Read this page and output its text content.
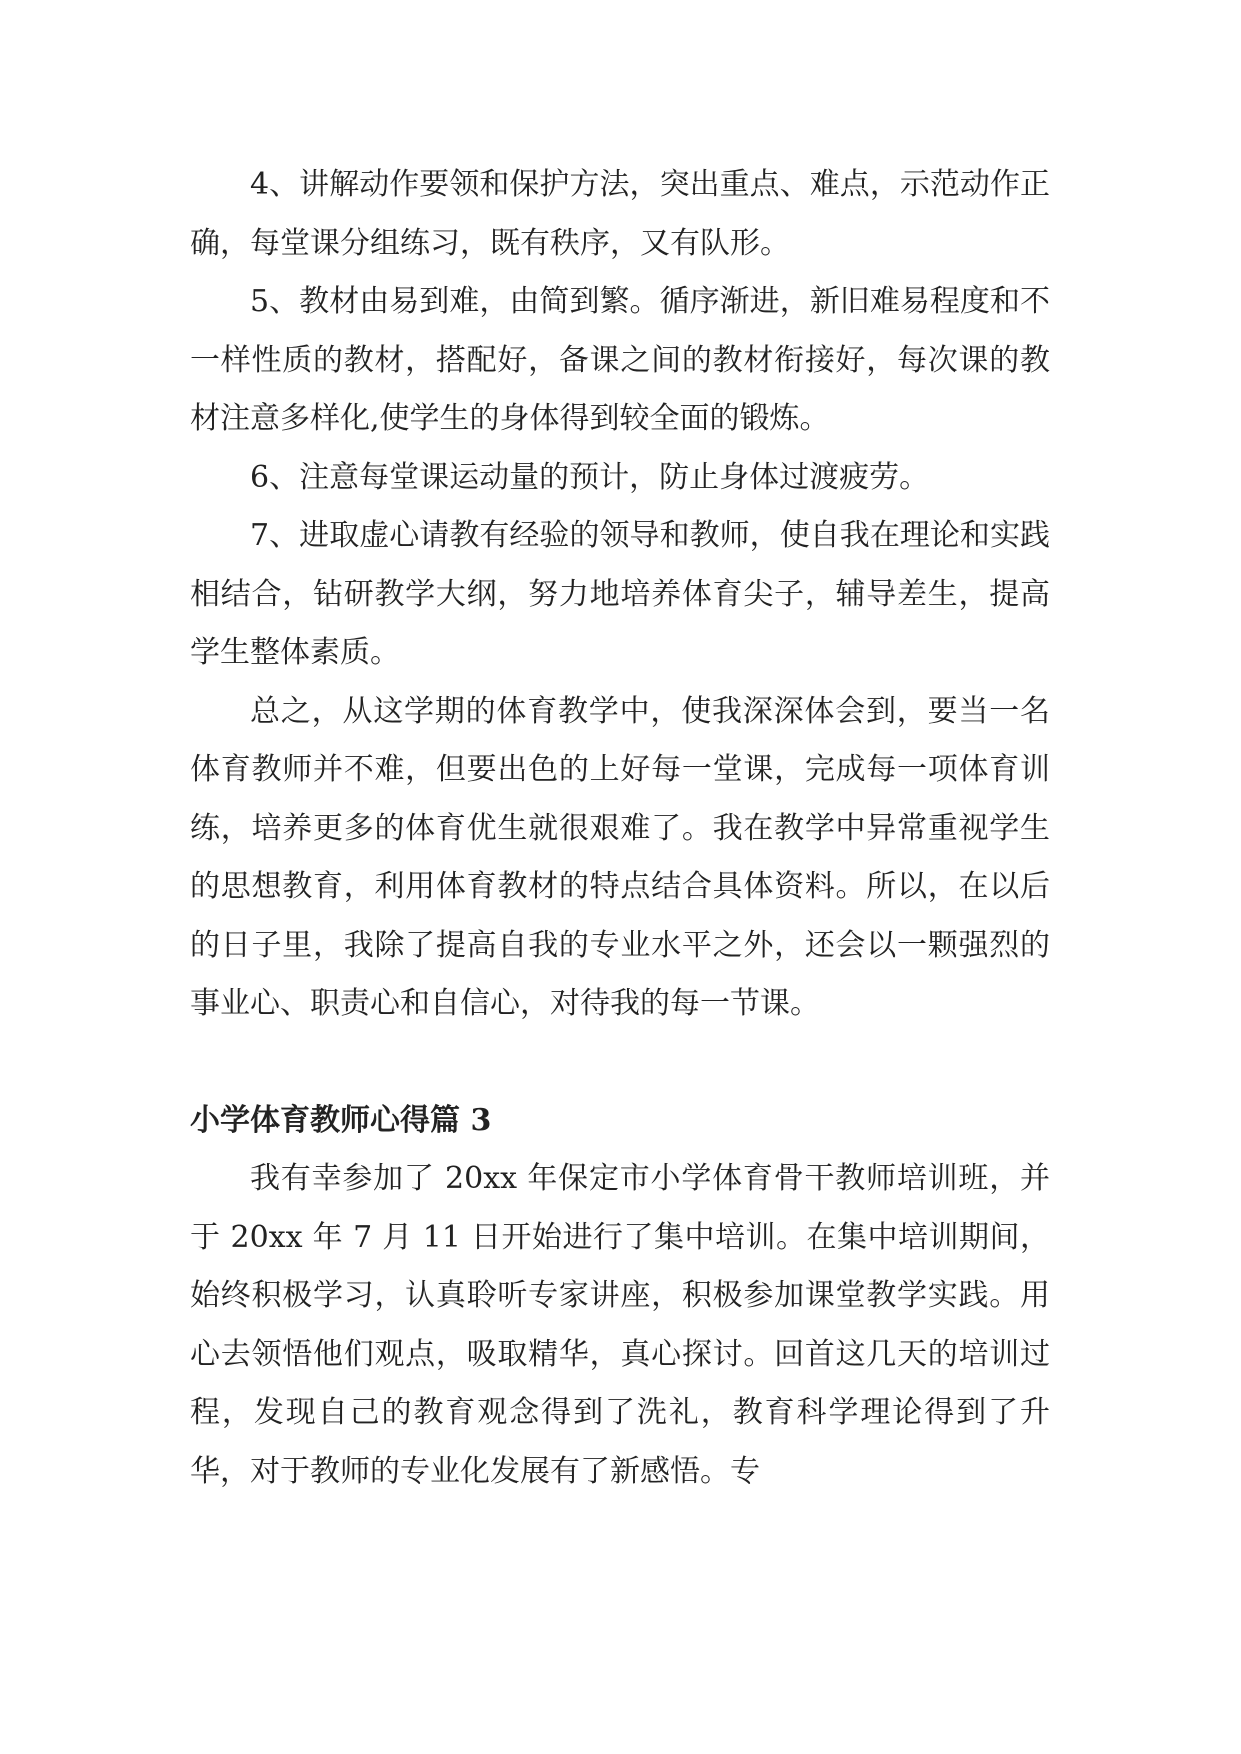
4、讲解动作要领和保护方法，突出重点、难点，示范动作正确，每堂课分组练习，既有秩序，又有队形。

5、教材由易到难，由简到繁。循序渐进，新旧难易程度和不一样性质的教材，搭配好，备课之间的教材衔接好，每次课的教材注意多样化,使学生的身体得到较全面的锻炼。

6、注意每堂课运动量的预计，防止身体过渡疲劳。

7、进取虚心请教有经验的领导和教师，使自我在理论和实践相结合，钻研教学大纲，努力地培养体育尖子，辅导差生，提高学生整体素质。

总之，从这学期的体育教学中，使我深深体会到，要当一名体育教师并不难，但要出色的上好每一堂课，完成每一项体育训练，培养更多的体育优生就很艰难了。我在教学中异常重视学生的思想教育，利用体育教材的特点结合具体资料。所以，在以后的日子里，我除了提高自我的专业水平之外，还会以一颗强烈的事业心、职责心和自信心，对待我的每一节课。

小学体育教师心得篇 3

我有幸参加了 20xx 年保定市小学体育骨干教师培训班，并于 20xx 年 7 月 11 日开始进行了集中培训。在集中培训期间，始终积极学习，认真聆听专家讲座，积极参加课堂教学实践。用心去领悟他们观点，吸取精华，真心探讨。回首这几天的培训过程，发现自己的教育观念得到了洗礼，教育科学理论得到了升华，对于教师的专业化发展有了新感悟。专
